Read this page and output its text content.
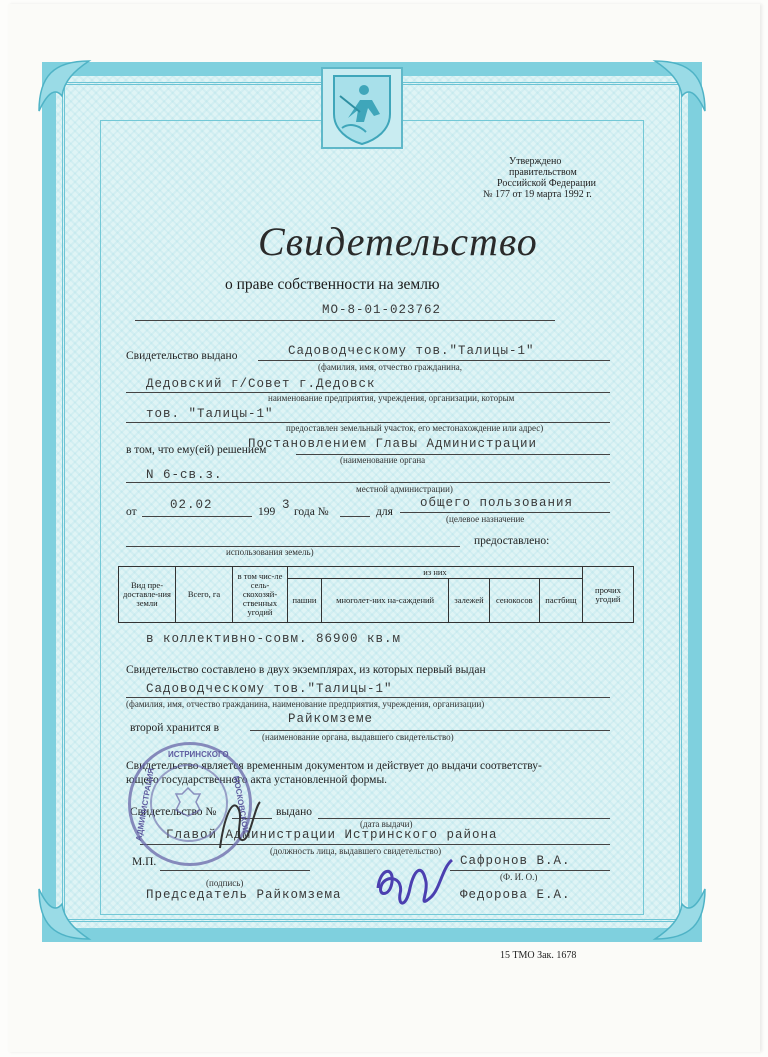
Утверждено
правительством
Российской Федерации
№ 177 от 19 марта 1992 г.
Свидетельство
о праве собственности на землю
МО-8-01-023762
Свидетельство выдано	Садоводческому тов."Талицы-1"
(фамилия, имя, отчество гражданина,
Дедовский г/Совет г.Дедовск
наименование предприятия, учреждения, организации, которым
тов. "Талицы-1"
предоставлен земельный участок, его местонахождение или адрес)
в том, что ему(ей) решением
Постановлением Главы Администрации
(наименование органа
N 6-св.з.
местной администрации)
от	02.02	199 3 года №	для
общего пользования
(целевое назначение
использования земель)
предоставлено:
Вид пре-доставле-ния земли	Всего, га	в том чис-ле сель-скохозяй-ственных угодий	из них					прочих угодий
			пашни	многолет-них на-саждений	залежей	сенокосов	пастбищ	
в коллективно-совм. 86900 кв.м
Свидетельство составлено в двух экземплярах, из которых первый выдан
Садоводческому тов."Талицы-1"
(фамилия, имя, отчество гражданина, наименование предприятия, учреждения, организации)
второй хранится в
Райкомземе
(наименование органа, выдавшего свидетельство)
Свидетельство является временным документом и действует до выдачи соответству-
ющего государственного акта установленной формы.
Свидетельство №	выдано
(дата выдачи)
Главой Администрации Истринского района
(должность лица, выдавшего свидетельство)
М.П.	Сафронов В.А.
(подпись)
(Ф. И. О.)
Председатель Райкомзема	Федорова Е.А.
ИСТРИНСКОГО
АДМИНИСТРАЦИЯ	МОСКОВСКОЙ
15 ТМО Зак. 1678
